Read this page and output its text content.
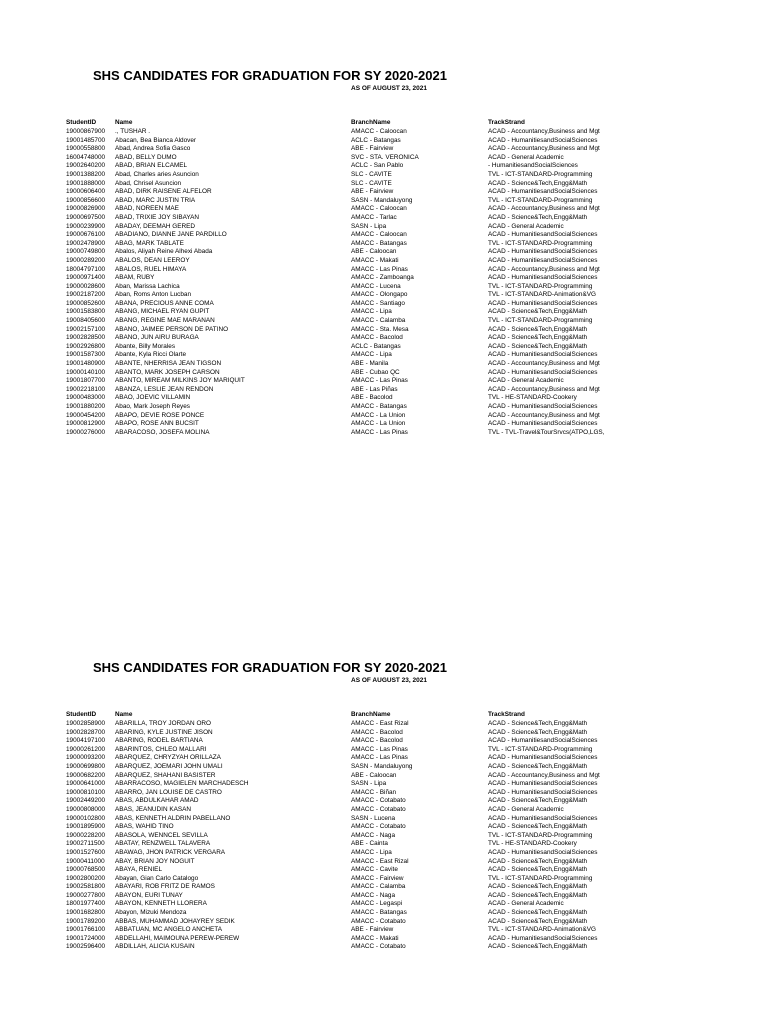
SHS CANDIDATES FOR GRADUATION FOR SY 2020-2021
AS OF AUGUST 23, 2021
StudentID	Name	BranchName	TrackStrand
19000867900	., TUSHAR .	AMACC - Caloocan	ACAD - Accountancy,Business and Mgt
19001485700	Abacan, Bea Bianca Aldover	ACLC - Batangas	ACAD - HumanitiesandSocialSciences
19000558800	Abad, Andrea Sofia Gasco	ABE - Fairview	ACAD - Accountancy,Business and Mgt
16004748000	ABAD, BELLY DUMO	SVC - STA. VERONICA	ACAD - General Academic
19002640200	ABAD, BRIAN ELCAMEL	ACLC - San Pablo	- HumanitiesandSocialSciences
19001388200	Abad, Charles aries Asuncion	SLC - CAVITE	TVL - ICT-STANDARD-Programming
19001888000	Abad, Chrisel Asuncion	SLC - CAVITE	ACAD - Science&Tech,Engg&Math
19000606400	ABAD, DIRK RAISENE ALFELOR	ABE - Fairview	ACAD - HumanitiesandSocialSciences
19000856600	ABAD, MARC JUSTIN TRIA	SASN - Mandaluyong	TVL - ICT-STANDARD-Programming
19000826900	ABAD, NOREEN MAE	AMACC - Caloocan	ACAD - Accountancy,Business and Mgt
19000697500	ABAD, TRIXIE JOY SIBAYAN	AMACC - Tarlac	ACAD - Science&Tech,Engg&Math
19000239900	ABADAY, DEEMAH GERED	SASN - Lipa	ACAD - General Academic
19000676100	ABADIANO, DIANNE JANE PARDILLO	AMACC - Caloocan	ACAD - HumanitiesandSocialSciences
19002478900	ABAG, MARK TABLATE	AMACC - Batangas	TVL - ICT-STANDARD-Programming
19000749800	Abalos, Aliyah Reine Alhexi Abada	ABE - Caloocan	ACAD - HumanitiesandSocialSciences
19000289200	ABALOS, DEAN LEEROY	AMACC - Makati	ACAD - HumanitiesandSocialSciences
18004797100	ABALOS, RUEL HIMAYA	AMACC - Las Pinas	ACAD - Accountancy,Business and Mgt
19000971400	ABAM, RUBY	AMACC - Zamboanga	ACAD - HumanitiesandSocialSciences
19000028600	Aban, Marissa Lachica	AMACC - Lucena	TVL - ICT-STANDARD-Programming
19002187200	Aban, Roms Anton Lucban	AMACC - Olongapo	TVL - ICT-STANDARD-Animation&VG
19000852600	ABANA, PRECIOUS ANNE COMA	AMACC - Santiago	ACAD - HumanitiesandSocialSciences
19001583800	ABANG, MICHAEL RYAN GUPIT	AMACC - Lipa	ACAD - Science&Tech,Engg&Math
19008405600	ABANG, REGINE MAE MARANAN	AMACC - Calamba	TVL - ICT-STANDARD-Programming
19002157100	ABAÑO, JAIMEE PERSON DE PATIÑO	AMACC - Sta. Mesa	ACAD - Science&Tech,Engg&Math
19002828500	ABAÑO, JUN AIRU BURAGA	AMACC - Bacolod	ACAD - Science&Tech,Engg&Math
19002926800	Abante, Billy Morales	ACLC - Batangas	ACAD - Science&Tech,Engg&Math
19001587300	Abante, Kyla Ricci Olarte	AMACC - Lipa	ACAD - HumanitiesandSocialSciences
19001480900	ABANTE, NHERRISA JEAN TIGSON	ABE - Manila	ACAD - Accountancy,Business and Mgt
19000140100	ABANTO, MARK JOSEPH CARSON	ABE - Cubao QC	ACAD - HumanitiesandSocialSciences
19001807700	ABANTO, MIREAM MILKINS JOY MARIQUIT	AMACC - Las Pinas	ACAD - General Academic
19002218100	ABANZA, LESLIE JEAN RENDON	ABE - Las Piñas	ACAD - Accountancy,Business and Mgt
19000483000	ABAO, JOEVIC VILLAMIN	ABE - Bacolod	TVL - HE-STANDARD-Cookery
19001880200	Abao, Mark Joseph Reyes	AMACC - Batangas	ACAD - HumanitiesandSocialSciences
19000454200	ABAPO, DEVIE ROSE PONCE	AMACC - La Union	ACAD - Accountancy,Business and Mgt
19000812900	ABAPO, ROSE ANN BUCSIT	AMACC - La Union	ACAD - HumanitiesandSocialSciences
19000276000	ABARACOSO, JOSEFA MOLINA	AMACC - Las Pinas	TVL - TVL-Travel&TourSrvcs(ATPO,LGS,
SHS CANDIDATES FOR GRADUATION FOR SY 2020-2021
AS OF AUGUST 23, 2021
StudentID	Name	BranchName	TrackStrand
19002858900	ABARILLA, TROY JORDAN ORO	AMACC - East Rizal	ACAD - Science&Tech,Engg&Math
19002828700	ABARING, KYLE JUSTINE JISON	AMACC - Bacolod	ACAD - Science&Tech,Engg&Math
19004197100	ABARING, RODEL BARTIANA	AMACC - Bacolod	ACAD - HumanitiesandSocialSciences
19000261200	ABARINTOS, CHLEO MALLARI	AMACC - Las Pinas	TVL - ICT-STANDARD-Programming
19000093200	ABARQUEZ, CHRYZYAH ORILLAZA	AMACC - Las Pinas	ACAD - HumanitiesandSocialSciences
19000699800	ABARQUEZ, JOEMARI JOHN UMALI	SASN - Mandaluyong	ACAD - Science&Tech,Engg&Math
19000682200	ABARQUEZ, SHAHANI BASISTER	ABE - Caloocan	ACAD - Accountancy,Business and Mgt
19000641000	ABARRACOSO, MAGIELEN MARCHADESCH	SASN - Lipa	ACAD - HumanitiesandSocialSciences
19000810100	ABARRO, JAN LOUISE DE CASTRO	AMACC - Biñan	ACAD - HumanitiesandSocialSciences
19002449200	ABAS, ABDULKAHAR AMAD	AMACC - Cotabato	ACAD - Science&Tech,Engg&Math
19000808000	ABAS, JEANUDIN KASAN	AMACC - Cotabato	ACAD - General Academic
19000102800	ABAS, KENNETH ALDRIN PABELLANO	SASN - Lucena	ACAD - HumanitiesandSocialSciences
19001895900	ABAS, WAHID TINO	AMACC - Cotabato	ACAD - Science&Tech,Engg&Math
19000228200	ABASOLA, WENNCEL SEVILLA	AMACC - Naga	TVL - ICT-STANDARD-Programming
19002711500	ABATAY, RENZWELL TALAVERA	ABE - Cainta	TVL - HE-STANDARD-Cookery
19001527600	ABAWAG, JHON PATRICK VERGARA	AMACC - Lipa	ACAD - HumanitiesandSocialSciences
19000411000	ABAY, BRIAN JOY NOGUIT	AMACC - East Rizal	ACAD - Science&Tech,Engg&Math
19000768500	ABAYA, RENIEL	AMACC - Cavite	ACAD - Science&Tech,Engg&Math
19002800200	Abayan, Gian Carlo Catalogo	AMACC - Fairview	TVL - ICT-STANDARD-Programming
19002581800	ABAYARI, ROB FRITZ DE RAMOS	AMACC - Calamba	ACAD - Science&Tech,Engg&Math
19000277800	ABAYON, EURI TUNAY	AMACC - Naga	ACAD - Science&Tech,Engg&Math
18001977400	ABAYON, KENNETH LLORERA	AMACC - Legaspi	ACAD - General Academic
19001682800	Abayon, Mizuki Mendoza	AMACC - Batangas	ACAD - Science&Tech,Engg&Math
19001789200	ABBAS, MUHAMMAD JOHAYREY SEDIK	AMACC - Cotabato	ACAD - Science&Tech,Engg&Math
19001766100	ABBATUAN, MC ANGELO ANCHETA	ABE - Fairview	TVL - ICT-STANDARD-Animation&VG
19001724000	ABDELLAHI, MAIMOUNA PEREW-PEREW	AMACC - Makati	ACAD - HumanitiesandSocialSciences
19002596400	ABDILLAH, ALICIA KUSAIN	AMACC - Cotabato	ACAD - Science&Tech,Engg&Math
